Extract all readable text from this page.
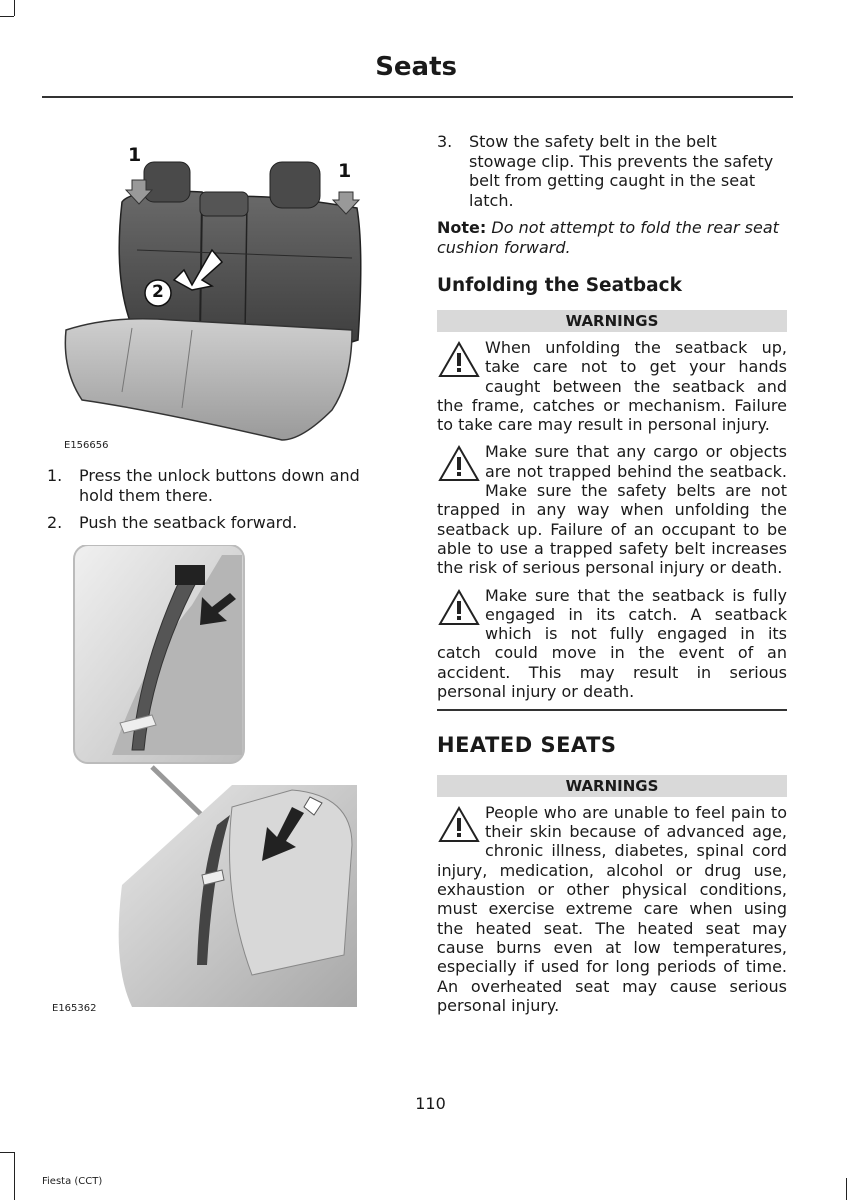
Seats
1
1
2
E156656
1.	Press the unlock buttons down and hold them there.
2.	Push the seatback forward.
E165362
3.	Stow the safety belt in the belt stowage clip. This prevents the safety belt from getting caught in the seat latch.
Note: Do not attempt to fold the rear seat cushion forward.
Unfolding the Seatback
WARNINGS
When unfolding the seatback up, take care not to get your hands caught between the seatback and the frame, catches or mechanism. Failure to take care may result in personal injury.
Make sure that any cargo or objects are not trapped behind the seatback. Make sure the safety belts are not trapped in any way when unfolding the seatback up. Failure of an occupant to be able to use a trapped safety belt increases the risk of serious personal injury or death.
Make sure that the seatback is fully engaged in its catch. A seatback which is not fully engaged in its catch could move in the event of an accident. This may result in serious personal injury or death.
HEATED SEATS
WARNINGS
People who are unable to feel pain to their skin because of advanced age, chronic illness, diabetes, spinal cord injury, medication, alcohol or drug use, exhaustion or other physical conditions, must exercise extreme care when using the heated seat. The heated seat may cause burns even at low temperatures, especially if used for long periods of time. An overheated seat may cause serious personal injury.
110
Fiesta (CCT)
